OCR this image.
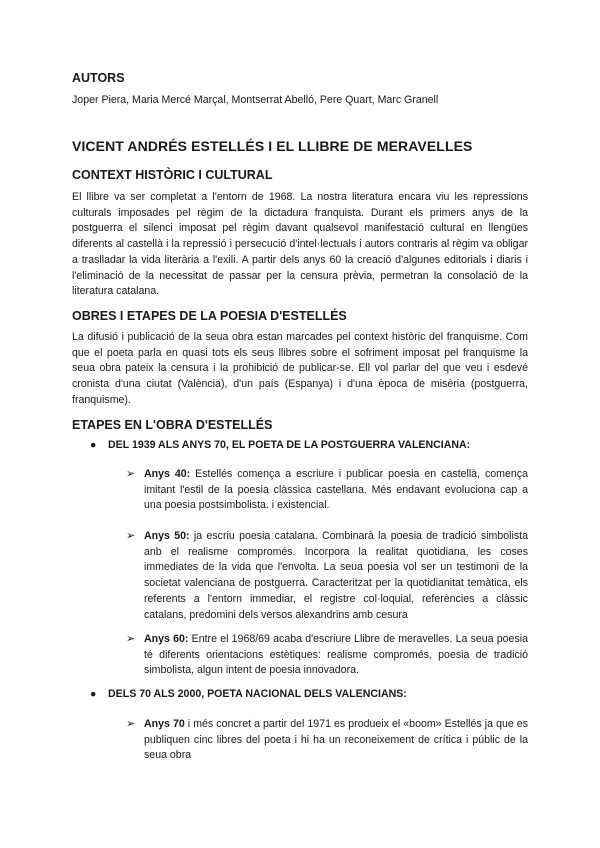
AUTORS

Joper Piera, Maria Mercé Marçal, Montserrat Abelló, Pere Quart, Marc Granell

VICENT ANDRÉS ESTELLÉS I EL LLIBRE DE MERAVELLES
CONTEXT HISTÒRIC I CULTURAL

El llibre va ser completat a l'entorn de 1968. La nostra literatura encara viu les repressions culturals imposades pel règim de la dictadura franquista. Durant els primers anys de la postguerra el silenci imposat pel règim davant qualsevol manifestació cultural en llengües diferents al castellà i la repressió i persecució d'intel·lectuals i autors contraris al règim va obligar a traslladar la vida literària a l'exili. A partir dels anys 60 la creació d'algunes editorials i diaris i l'eliminació de la necessitat de passar per la censura prèvia, permetran la consolació de la literatura catalana.

OBRES I ETAPES DE LA POESIA D'ESTELLÉS

La difusió i publicació de la seua obra estan marcades pel context històric del franquisme. Com que el poeta parla en quasi tots els seus llibres sobre el sofriment imposat pel franquisme la seua obra pateix la censura i la prohibició de publicar-se. Ell vol parlar del que veu i esdevé cronista d'una ciutat (València), d'un país (Espanya) i d'una època de misèria (postguerra, franquisme).

ETAPES EN L'OBRA D'ESTELLÉS
● DEL 1939 ALS ANYS 70, EL POETA DE LA POSTGUERRA VALENCIANA:
➢ Anys 40: Estellés comença a escriure i publicar poesia en castellà, comença imitant l'estil de la poesia clàssica castellana. Més endavant evoluciona cap a una poesia postsimbolista. i existencial.
➢ Anys 50: ja escriu poesia catalana. Combinarà la poesia de tradició simbolista anb el realisme compromés. Incorpora la realitat quotidiana, les coses immediates de la vida que l'envolta. La seua poesia vol ser un testimoni de la societat valenciana de postguerra. Caracteritzat per la quotidianitat temàtica, els referents a l'entorn immediar, el registre col·loquial, referències a clàssic catalans, predomini dels versos alexandrins amb cesura
➢ Anys 60: Entre el 1968/69 acaba d'escriure Llibre de meravelles. La seua poesia té diferents orientacions estètiques: realisme compromés, poesia de tradició simbolista, algun intent de poesia innovadora.
● DELS 70 ALS 2000, POETA NACIONAL DELS VALENCIANS:
➢ Anys 70 i més concret a partir del 1971 es produeix el «boom» Estellés ja que es publiquen cinc libres del poeta i hi ha un reconeixement de crítica i públic de la seua obra
